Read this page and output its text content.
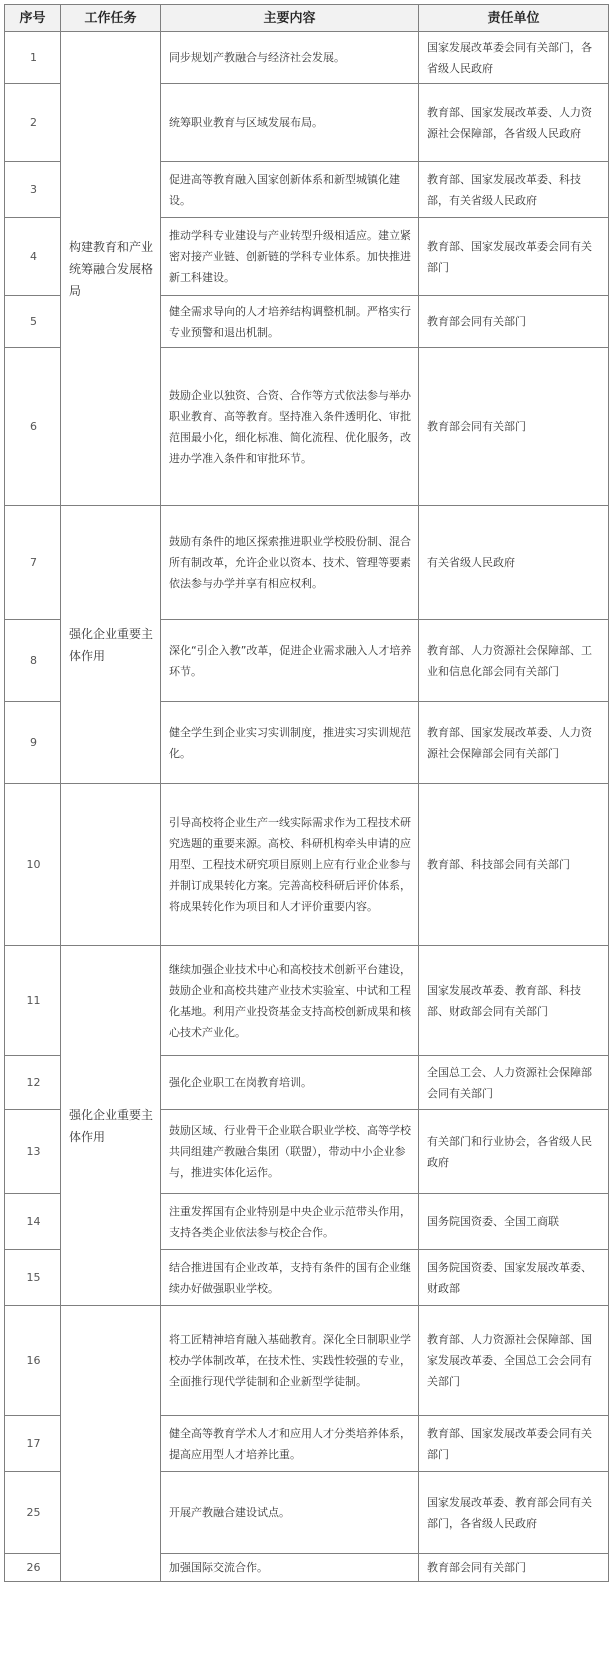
序号	工作任务	主要内容	责任单位
1	构建教育和产业统筹融合发展格局	同步规划产教融合与经济社会发展。	国家发展改革委会同有关部门，各省级人民政府
2		统筹职业教育与区域发展布局。	教育部、国家发展改革委、人力资源社会保障部，各省级人民政府
3		促进高等教育融入国家创新体系和新型城镇化建设。	教育部、国家发展改革委、科技部，有关省级人民政府
4		推动学科专业建设与产业转型升级相适应。建立紧密对接产业链、创新链的学科专业体系。加快推进新工科建设。	教育部、国家发展改革委会同有关部门
5		健全需求导向的人才培养结构调整机制。严格实行专业预警和退出机制。	教育部会同有关部门
6		鼓励企业以独资、合资、合作等方式依法参与举办职业教育、高等教育。坚持准入条件透明化、审批范围最小化，细化标准、简化流程、优化服务，改进办学准入条件和审批环节。	教育部会同有关部门
7	强化企业重要主体作用	鼓励有条件的地区探索推进职业学校股份制、混合所有制改革，允许企业以资本、技术、管理等要素依法参与办学并享有相应权利。	有关省级人民政府
8		深化“引企入教”改革，促进企业需求融入人才培养环节。	教育部、人力资源社会保障部、工业和信息化部会同有关部门
9		健全学生到企业实习实训制度，推进实习实训规范化。	教育部、国家发展改革委、人力资源社会保障部会同有关部门
10		引导高校将企业生产一线实际需求作为工程技术研究选题的重要来源。高校、科研机构牵头申请的应用型、工程技术研究项目原则上应有行业企业参与并制订成果转化方案。完善高校科研后评价体系，将成果转化作为项目和人才评价重要内容。	教育部、科技部会同有关部门
11	强化企业重要主体作用	继续加强企业技术中心和高校技术创新平台建设，鼓励企业和高校共建产业技术实验室、中试和工程化基地。利用产业投资基金支持高校创新成果和核心技术产业化。	国家发展改革委、教育部、科技部、财政部会同有关部门
12		强化企业职工在岗教育培训。	全国总工会、人力资源社会保障部会同有关部门
13		鼓励区域、行业骨干企业联合职业学校、高等学校共同组建产教融合集团（联盟），带动中小企业参与，推进实体化运作。	有关部门和行业协会，各省级人民政府
14		注重发挥国有企业特别是中央企业示范带头作用，支持各类企业依法参与校企合作。	国务院国资委、全国工商联
15		结合推进国有企业改革，支持有条件的国有企业继续办好做强职业学校。	国务院国资委、国家发展改革委、财政部
16		将工匠精神培育融入基础教育。深化全日制职业学校办学体制改革，在技术性、实践性较强的专业，全面推行现代学徒制和企业新型学徒制。	教育部、人力资源社会保障部、国家发展改革委、全国总工会会同有关部门
17		健全高等教育学术人才和应用人才分类培养体系，提高应用型人才培养比重。	教育部、国家发展改革委会同有关部门
25		开展产教融合建设试点。	国家发展改革委、教育部会同有关部门，各省级人民政府
26		加强国际交流合作。	教育部会同有关部门
